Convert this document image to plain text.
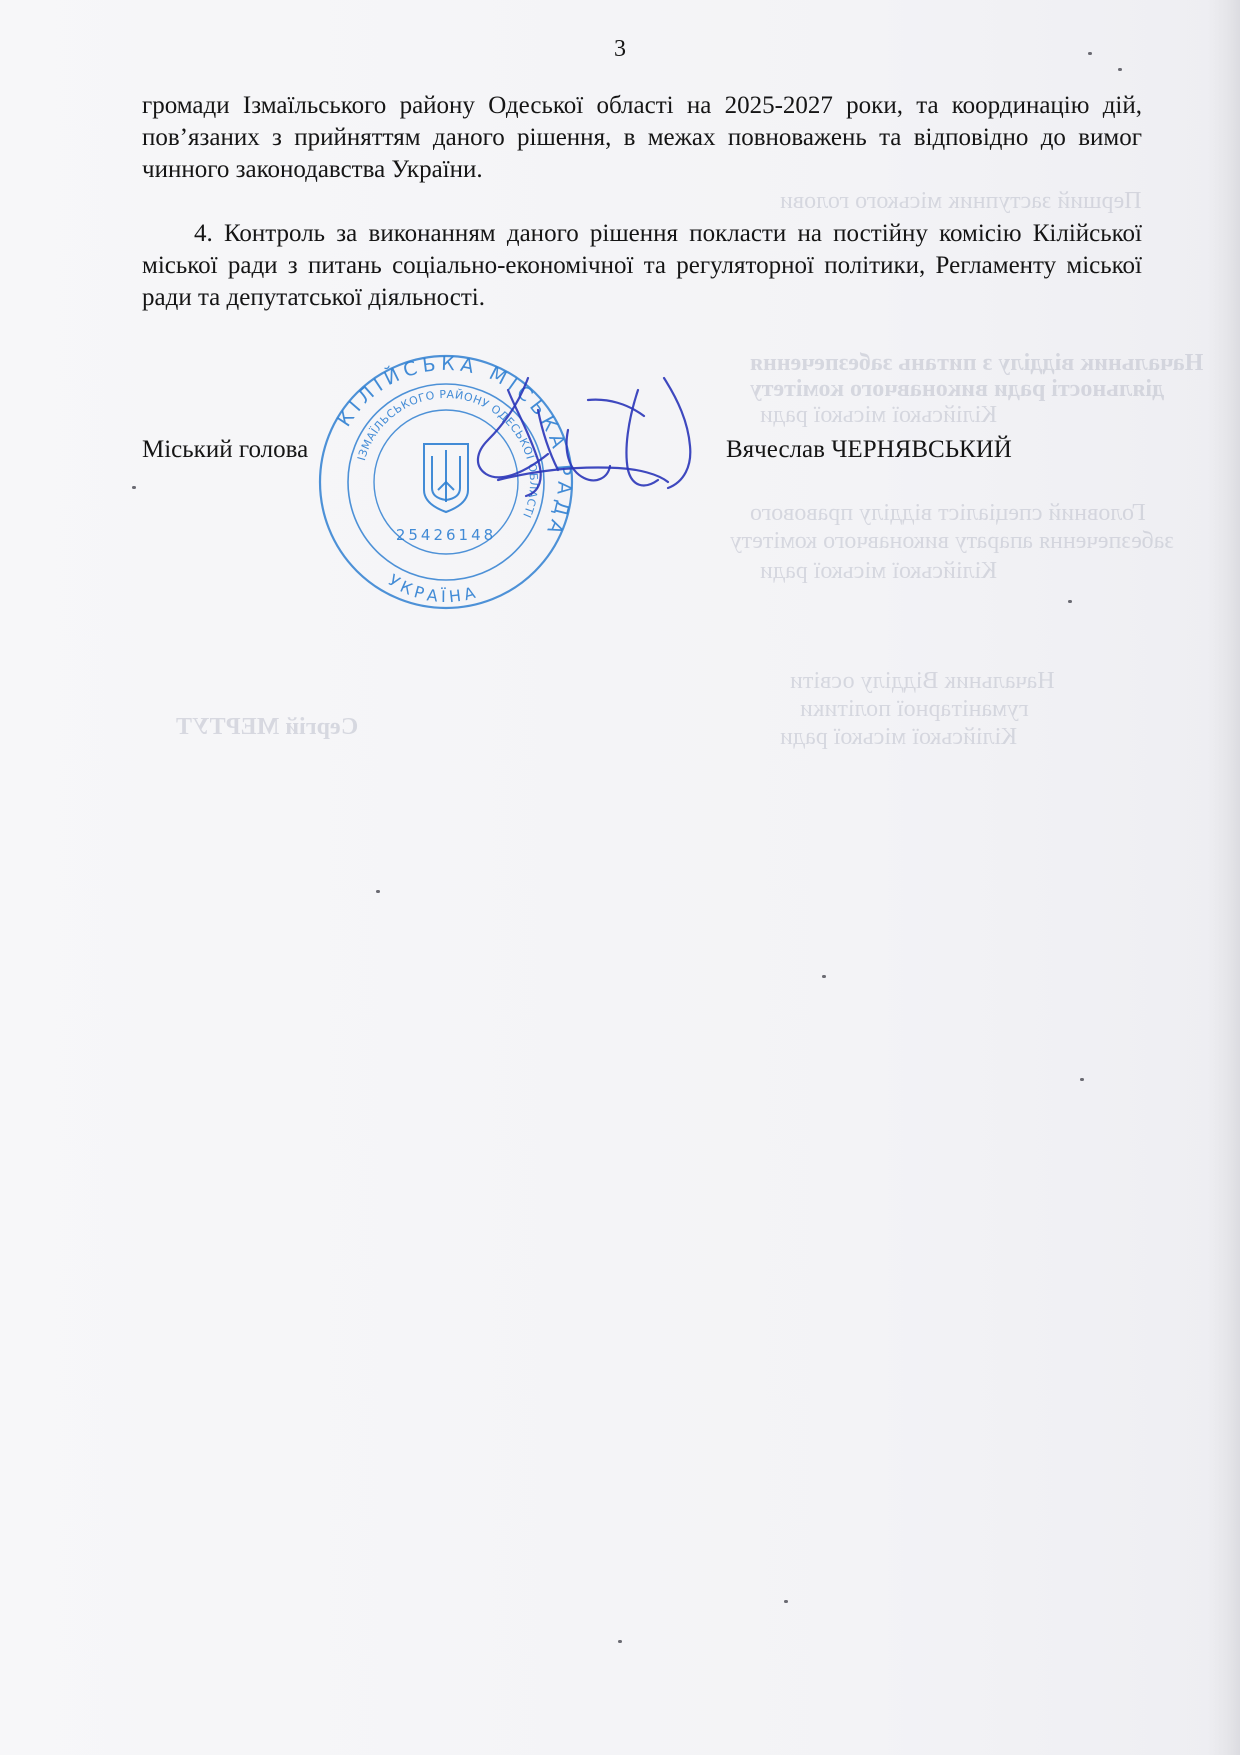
Перший заступник міського голови
Начальник відділу з питань забезпечення
діяльності ради виконавчого комітету
Кілійської міської ради
Головний спеціаліст відділу правового
забезпечення апарату виконавчого комітету
Кілійської міської ради
Начальник Відділу освіти
гуманітарної політики
Кілійської міської ради
Сергій МЕРТУТ
3

громади Ізмаїльського району Одеської області на 2025-2027 роки, та координацію дій, пов’язаних з прийняттям даного рішення, в межах повноважень та відповідно до вимог чинного законодавства України.

4. Контроль за виконанням даного рішення покласти на постійну комісію Кілійської міської ради з питань соціально-економічної та регуляторної політики, Регламенту міської ради та депутатської діяльності.

КІЛІЙСЬКА МІСЬКА РАДА
ІЗМАЇЛЬСЬКОГО РАЙОНУ ОДЕСЬКОЇ ОБЛАСТІ
УКРАЇНА
25426148
Міський голова	Вячеслав ЧЕРНЯВСЬКИЙ
